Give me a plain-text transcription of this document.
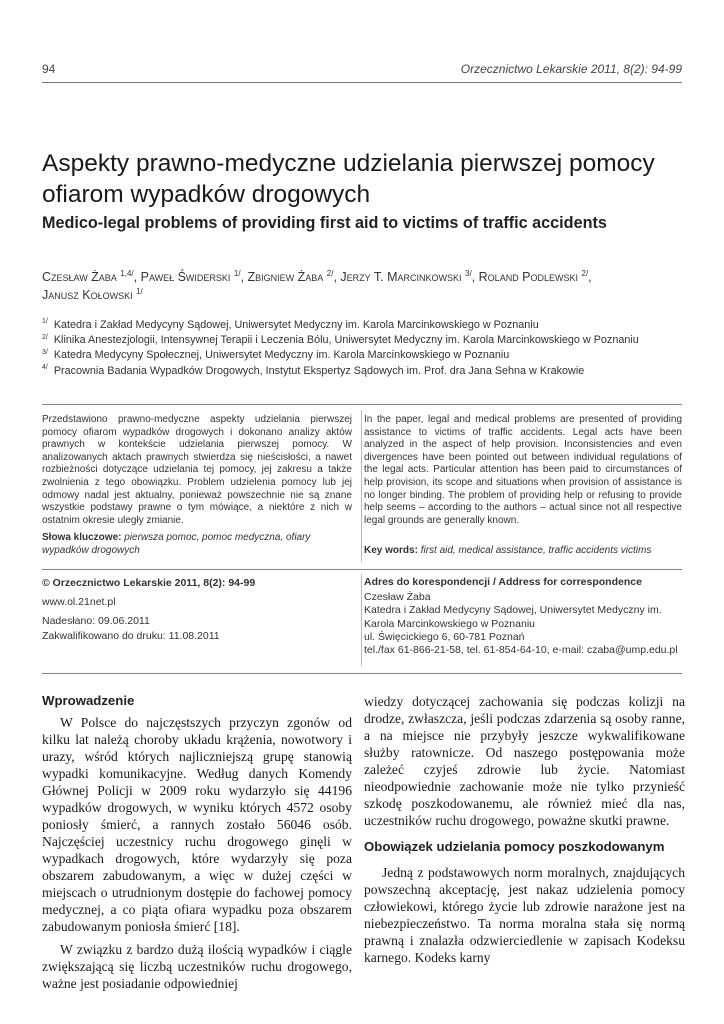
94	Orzecznictwo Lekarskie 2011, 8(2): 94-99
Aspekty prawno‑medyczne udzielania pierwszej pomocy ofiarom wypadków drogowych
Medico‑legal problems of providing first aid to victims of traffic accidents
Czesław Żaba $^{1,4/}$, Paweł Świderski $^{1/}$, Zbigniew Żaba $^{2/}$, Jerzy T. Marcinkowski $^{3/}$, Roland Podlewski $^{2/}$,
Janusz Kołowski $^{1/}$
$^{1/}$ Katedra i Zakład Medycyny Sądowej, Uniwersytet Medyczny im. Karola Marcinkowskiego w Poznaniu
$^{2/}$ Klinika Anestezjologii, Intensywnej Terapii i Leczenia Bólu, Uniwersytet Medyczny im. Karola Marcinkowskiego w Poznaniu
$^{3/}$ Katedra Medycyny Społecznej, Uniwersytet Medyczny im. Karola Marcinkowskiego w Poznaniu
$^{4/}$ Pracownia Badania Wypadków Drogowych, Instytut Ekspertyz Sądowych im. Prof. dra Jana Sehna w Krakowie
Przedstawiono prawno-medyczne aspekty udzielania pierwszej pomocy ofiarom wypadków drogowych i dokonano analizy aktów prawnych w kontekście udzielania pierwszej pomocy. W analizowanych aktach prawnych stwierdza się nieścisłości, a nawet rozbieżności dotyczące udzielania tej pomocy, jej zakresu a także zwolnienia z tego obowiązku. Problem udzielenia pomocy lub jej odmowy nadal jest aktualny, ponieważ powszechnie nie są znane wszystkie podstawy prawne o tym mówiące, a niektóre z nich w ostatnim okresie uległy zmianie.
In the paper, legal and medical problems are presented of providing assistance to victims of traffic accidents. Legal acts have been analyzed in the aspect of help provision. Inconsistencies and even divergences have been pointed out between individual regulations of the legal acts. Particular attention has been paid to circumstances of help provision, its scope and situations when provision of assistance is no longer binding. The problem of providing help or refusing to provide help seems – according to the authors – actual since not all respective legal grounds are generally known.
Słowa kluczowe: pierwsza pomoc, pomoc medyczna, ofiary wypadków drogowych	Key words: first aid, medical assistance, traffic accidents victims
© Orzecznictwo Lekarskie 2011, 8(2): 94-99
www.ol.21net.pl
Nadesłano: 09.06.2011
Zakwalifikowano do druku: 11.08.2011
Adres do korespondencji / Address for correspondence
Czesław Żaba
Katedra i Zakład Medycyny Sądowej, Uniwersytet Medyczny im.
Karola Marcinkowskiego w Poznaniu
ul. Święcickiego 6, 60-781 Poznań
tel./fax 61-866-21-58, tel. 61-854-64-10, e-mail: czaba@ump.edu.pl
Wprowadzenie

W Polsce do najczęstszych przyczyn zgonów od kilku lat należą choroby układu krążenia, nowotwory i urazy, wśród których najliczniejszą grupę stanowią wypadki komunikacyjne. Według danych Komendy Głównej Policji w 2009 roku wydarzyło się 44196 wypadków drogowych, w wyniku których 4572 osoby poniosły śmierć, a rannych zostało 56046 osób. Najczęściej uczestnicy ruchu drogowego ginęli w wypadkach drogowych, które wydarzyły się poza obszarem zabudowanym, a więc w dużej części w miejscach o utrudnionym dostępie do fachowej pomocy medycznej, a co piąta ofiara wypadku poza obszarem zabudowanym poniosła śmierć [18].

W związku z bardzo dużą ilością wypadków i ciągle zwiększającą się liczbą uczestników ruchu drogowego, ważne jest posiadanie odpowiedniej

wiedzy dotyczącej zachowania się podczas kolizji na drodze, zwłaszcza, jeśli podczas zdarzenia są osoby ranne, a na miejsce nie przybyły jeszcze wykwalifikowane służby ratownicze. Od naszego postępowania może zależeć czyjeś zdrowie lub życie. Natomiast nieodpowiednie zachowanie może nie tylko przynieść szkodę poszkodowanemu, ale również mieć dla nas, uczestników ruchu drogowego, poważne skutki prawne.

Obowiązek udzielania pomocy poszkodowanym

Jedną z podstawowych norm moralnych, znajdujących powszechną akceptację, jest nakaz udzielenia pomocy człowiekowi, którego życie lub zdrowie narażone jest na niebezpieczeństwo. Ta norma moralna stała się normą prawną i znalazła odzwierciedlenie w zapisach Kodeksu karnego. Kodeks karny
